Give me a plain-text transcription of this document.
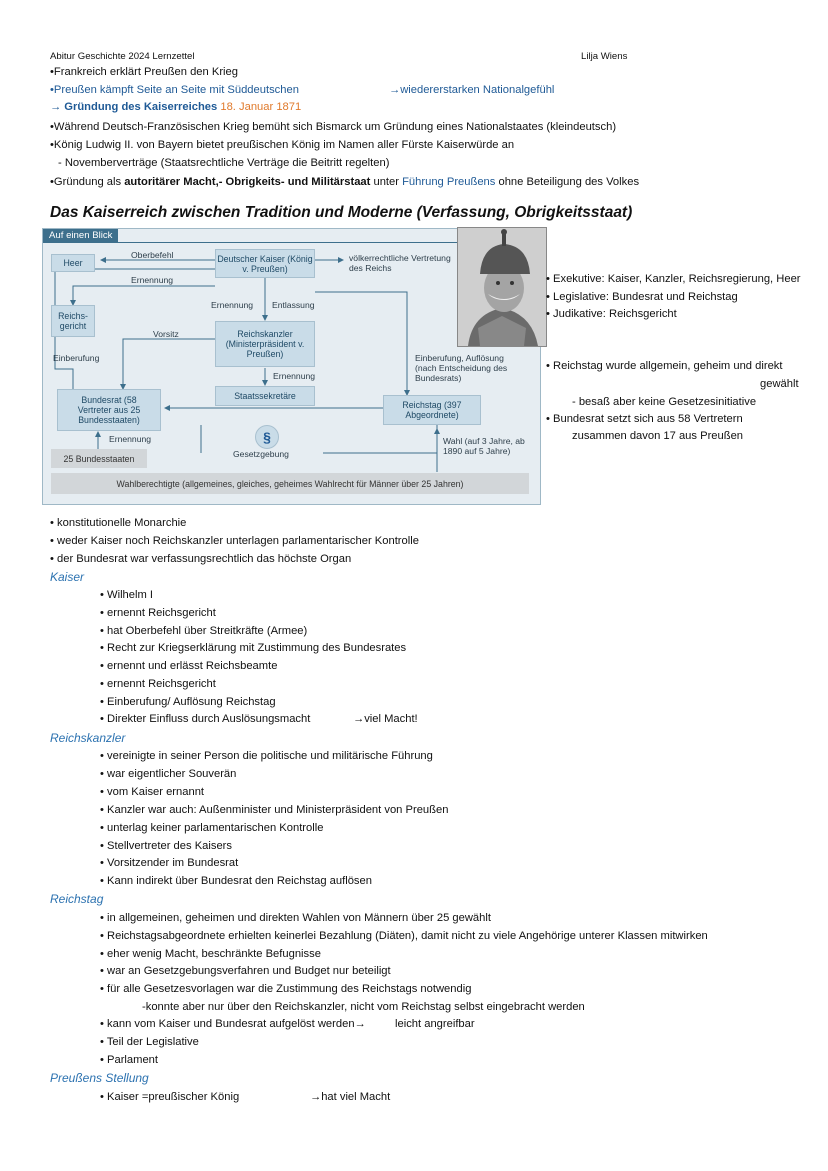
Abitur Geschichte 2024 Lernzettel	Lilja Wiens
•Frankreich erklärt Preußen den Krieg
•Preußen kämpft Seite an Seite mit Süddeutschen	→wiedererstarken Nationalgefühl
→ Gründung des Kaiserreiches 18. Januar 1871
•Während Deutsch-Französischen Krieg bemüht sich Bismarck um Gründung eines Nationalstaates (kleindeutsch)
•König Ludwig II. von Bayern bietet preußischen König im Namen aller Fürste Kaiserwürde an
- Novemberverträge (Staatsrechtliche Verträge die Beitritt regelten)
•Gründung als autoritärer Macht,- Obrigkeits- und Militärstaat unter Führung Preußens ohne Beteiligung des Volkes
Das Kaiserreich zwischen Tradition und Moderne (Verfassung, Obrigkeitsstaat)
Auf einen Blick
Heer
Oberbefehl
Ernennung
Deutscher Kaiser (König v. Preußen)
völkerrechtliche Vertretung des Reichs
Reichs- gericht
Ernennung Entlassung
Vorsitz	Reichskanzler (Ministerpräsident v. Preußen)
Einberufung
Ernennung
Einberufung, Auflösung (nach Entscheidung des Bundesrats)
Bundesrat (58 Vertreter aus 25 Bundesstaaten)
Staatssekretäre
Reichstag (397 Abgeordnete)
Ernennung	§	Wahl (auf 3 Jahre, ab 1890 auf 5 Jahre)
25 Bundesstaaten	Gesetzgebung
Wahlberechtigte (allgemeines, gleiches, geheimes Wahlrecht für Männer über 25 Jahren)
• Exekutive: Kaiser, Kanzler, Reichsregierung, Heer
• Legislative: Bundesrat und Reichstag
• Judikative: Reichsgericht
• Reichstag wurde allgemein, geheim und direkt
gewählt
- besaß aber keine Gesetzesinitiative
• Bundesrat setzt sich aus 58 Vertretern
zusammen davon 17 aus Preußen
• konstitutionelle Monarchie
• weder Kaiser noch Reichskanzler unterlagen parlamentarischer Kontrolle
• der Bundesrat war verfassungsrechtlich das höchste Organ
Kaiser
• Wilhelm I
• ernennt Reichsgericht
• hat Oberbefehl über Streitkräfte (Armee)
• Recht zur Kriegserklärung mit Zustimmung des Bundesrates
• ernennt und erlässt Reichsbeamte
• ernennt Reichsgericht
• Einberufung/ Auflösung Reichstag
• Direkter Einfluss durch Auslösungsmacht	→viel Macht!
Reichskanzler
• vereinigte in seiner Person die politische und militärische Führung
• war eigentlicher Souverän
• vom Kaiser ernannt
• Kanzler war auch: Außenminister und Ministerpräsident von Preußen
• unterlag keiner parlamentarischen Kontrolle
• Stellvertreter des Kaisers
• Vorsitzender im Bundesrat
• Kann indirekt über Bundesrat den Reichstag auflösen
Reichstag
• in allgemeinen, geheimen und direkten Wahlen von Männern über 25 gewählt
• Reichstagsabgeordnete erhielten keinerlei Bezahlung (Diäten), damit nicht zu viele Angehörige unterer Klassen mitwirken
• eher wenig Macht, beschränkte Befugnisse
• war an Gesetzgebungsverfahren und Budget nur beteiligt
• für alle Gesetzesvorlagen war die Zustimmung des Reichstags notwendig
-konnte aber nur über den Reichskanzler, nicht vom Reichstag selbst eingebracht werden
• kann vom Kaiser und Bundesrat aufgelöst werden→	leicht angreifbar
• Teil der Legislative
• Parlament
Preußens Stellung
• Kaiser =preußischer König	→hat viel Macht
